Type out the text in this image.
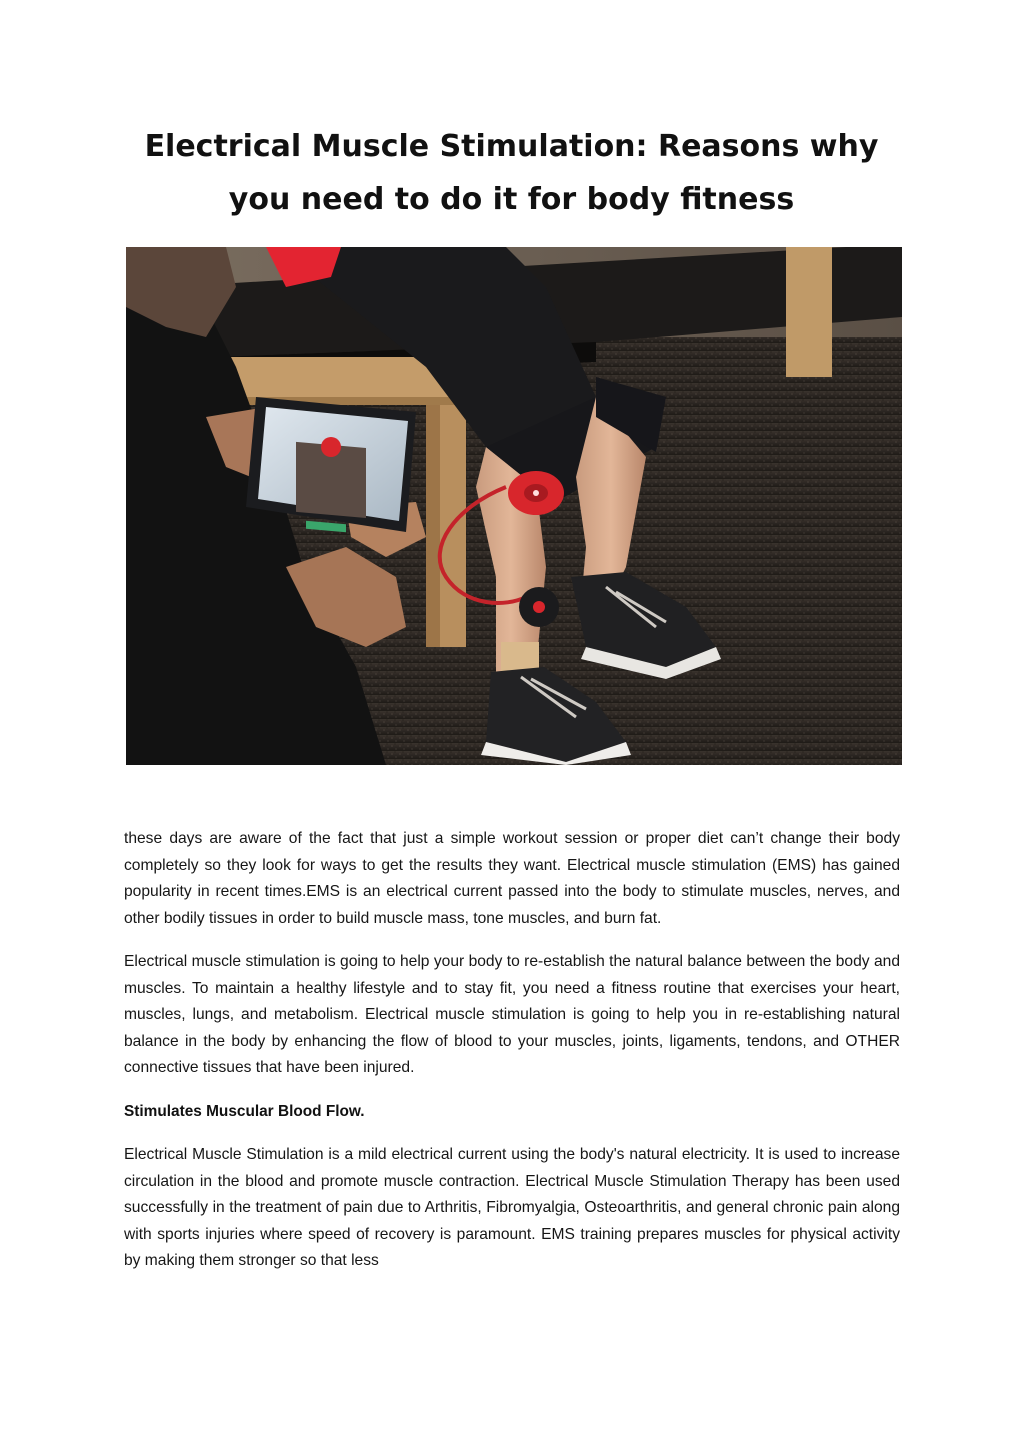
Electrical Muscle Stimulation: Reasons why you need to do it for body fitness

these days are aware of the fact that just a simple workout session or proper diet can’t change their body completely so they look for ways to get the results they want. Electrical muscle stimulation (EMS) has gained popularity in recent times.EMS is an electrical current passed into the body to stimulate muscles, nerves, and other bodily tissues in order to build muscle mass, tone muscles, and burn fat.

Electrical muscle stimulation is going to help your body to re-establish the natural balance between the body and muscles. To maintain a healthy lifestyle and to stay fit, you need a fitness routine that exercises your heart, muscles, lungs, and metabolism. Electrical muscle stimulation is going to help you in re-establishing natural balance in the body by enhancing the flow of blood to your muscles, joints, ligaments, tendons, and OTHER connective tissues that have been injured.

Stimulates Muscular Blood Flow.

Electrical Muscle Stimulation is a mild electrical current using the body's natural electricity. It is used to increase circulation in the blood and promote muscle contraction. Electrical Muscle Stimulation Therapy has been used successfully in the treatment of pain due to Arthritis, Fibromyalgia, Osteoarthritis, and general chronic pain along with sports injuries where speed of recovery is paramount. EMS training prepares muscles for physical activity by making them stronger so that less
